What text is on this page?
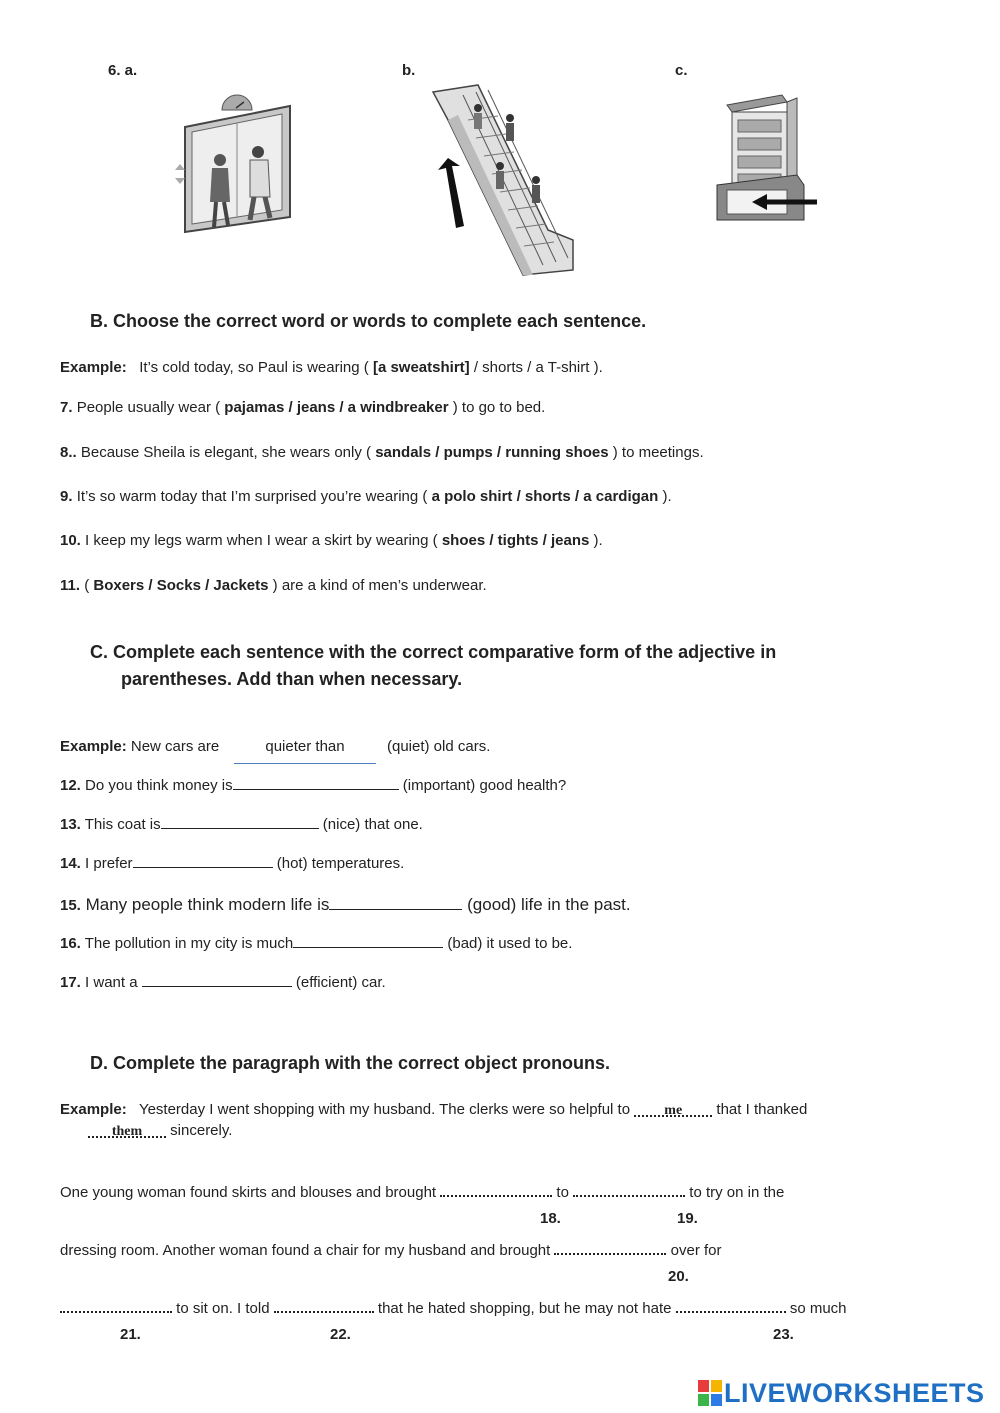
6. a.	b.	c.
B. Choose the correct word or words to complete each sentence.
Example: It’s cold today, so Paul is wearing ( [a sweatshirt] / shorts / a T-shirt ).
7. People usually wear ( pajamas / jeans / a windbreaker ) to go to bed.
8.. Because Sheila is elegant, she wears only ( sandals / pumps / running shoes ) to meetings.
9. It’s so warm today that I’m surprised you’re wearing ( a polo shirt / shorts / a cardigan ).
10. I keep my legs warm when I wear a skirt by wearing ( shoes / tights / jeans ).
11. ( Boxers / Socks / Jackets ) are a kind of men’s underwear.
C. Complete each sentence with the correct comparative form of the adjective in
parentheses. Add than when necessary.
Example: New cars are	quieter than	(quiet) old cars.
12. Do you think money is	(important) good health?
13. This coat is	(nice) that one.
14. I prefer	(hot) temperatures.
15. Many people think modern life is	(good) life in the past.
16. The pollution in my city is much	(bad) it used to be.
17. I want a	(efficient) car.
D. Complete the paragraph with the correct object pronouns.
Example: Yesterday I went shopping with my husband. The clerks were so helpful to me that I thanked
them sincerely.
One young woman found skirts and blouses and brought	to	to try on in the
18.	19.
dressing room. Another woman found a chair for my husband and brought	over for
20.
to sit on. I told	that he hated shopping, but he may not hate	so much
21.	22.	23.
LIVEWORKSHEETS
